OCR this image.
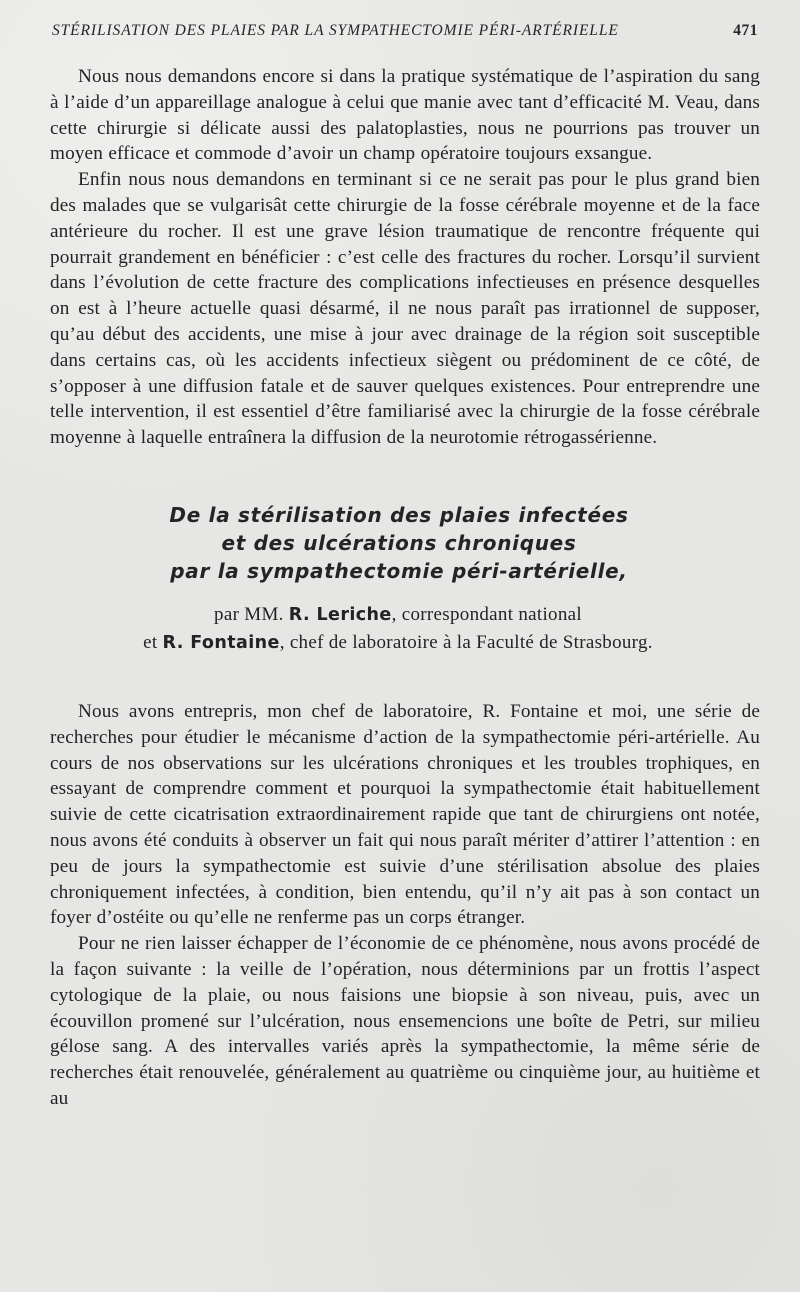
STÉRILISATION DES PLAIES PAR LA SYMPATHECTOMIE PÉRI-ARTÉRIELLE	471

Nous nous demandons encore si dans la pratique systématique de l’aspiration du sang à l’aide d’un appareillage analogue à celui que manie avec tant d’efficacité M. Veau, dans cette chirurgie si délicate aussi des palatoplasties, nous ne pourrions pas trouver un moyen efficace et commode d’avoir un champ opératoire toujours exsangue.

Enfin nous nous demandons en terminant si ce ne serait pas pour le plus grand bien des malades que se vulgarisât cette chirurgie de la fosse cérébrale moyenne et de la face antérieure du rocher. Il est une grave lésion traumatique de rencontre fréquente qui pourrait grandement en bénéficier : c’est celle des fractures du rocher. Lorsqu’il survient dans l’évolution de cette fracture des complications infectieuses en présence desquelles on est à l’heure actuelle quasi désarmé, il ne nous paraît pas irrationnel de supposer, qu’au début des accidents, une mise à jour avec drainage de la région soit susceptible dans certains cas, où les accidents infectieux siègent ou prédominent de ce côté, de s’opposer à une diffusion fatale et de sauver quelques existences. Pour entreprendre une telle intervention, il est essentiel d’être familiarisé avec la chirurgie de la fosse cérébrale moyenne à laquelle entraînera la diffusion de la neurotomie rétrogassérienne.

De la stérilisation des plaies infectées
et des ulcérations chroniques
par la sympathectomie péri-artérielle,
par MM. R. Leriche, correspondant national
et R. Fontaine, chef de laboratoire à la Faculté de Strasbourg.

Nous avons entrepris, mon chef de laboratoire, R. Fontaine et moi, une série de recherches pour étudier le mécanisme d’action de la sympathectomie péri-artérielle. Au cours de nos observations sur les ulcérations chroniques et les troubles trophiques, en essayant de comprendre comment et pourquoi la sympathectomie était habituellement suivie de cette cicatrisation extraordinairement rapide que tant de chirurgiens ont notée, nous avons été conduits à observer un fait qui nous paraît mériter d’attirer l’attention : en peu de jours la sympathectomie est suivie d’une stérilisation absolue des plaies chroniquement infectées, à condition, bien entendu, qu’il n’y ait pas à son contact un foyer d’ostéite ou qu’elle ne renferme pas un corps étranger.

Pour ne rien laisser échapper de l’économie de ce phénomène, nous avons procédé de la façon suivante : la veille de l’opération, nous déterminions par un frottis l’aspect cytologique de la plaie, ou nous faisions une biopsie à son niveau, puis, avec un écouvillon promené sur l’ulcération, nous ensemencions une boîte de Petri, sur milieu gélose sang. A des intervalles variés après la sympathectomie, la même série de recherches était renouvelée, généralement au quatrième ou cinquième jour, au huitième et au
